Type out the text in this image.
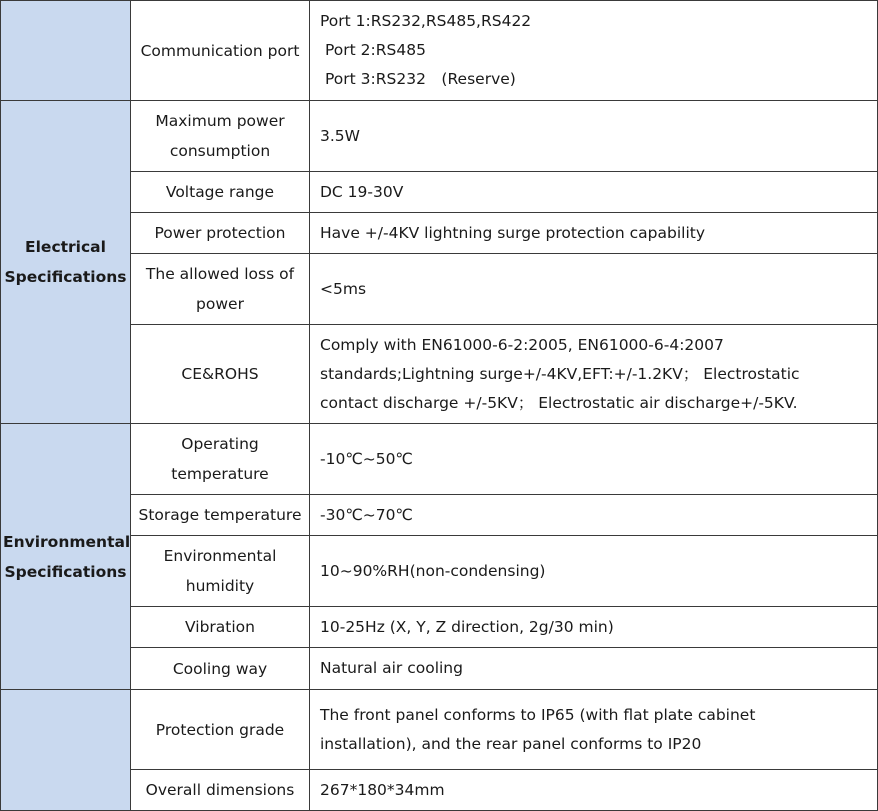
	Communication port	Port 1:RS232,RS485,RS422
Port 2:RS485
Port 3:RS232　(Reserve)

Electrical Specifications	Maximum power consumption	3.5W
	Voltage range	DC 19-30V
	Power protection	Have +/-4KV lightning surge protection capability
	The allowed loss of power	<5ms
	CE&ROHS	Comply with EN61000-6-2:2005, EN61000-6-4:2007
standards;Lightning surge+/-4KV,EFT:+/-1.2KV； Electrostatic
contact discharge +/-5KV； Electrostatic air discharge+/-5KV.

Environmental Specifications	Operating temperature	-10℃~50℃
	Storage temperature	-30℃~70℃
	Environmental humidity	10~90%RH(non-condensing)
	Vibration	10-25Hz (X, Y, Z direction, 2g/30 min)
	Cooling way	Natural air cooling
	Protection grade	The front panel conforms to IP65 (with flat plate cabinet
installation), and the rear panel conforms to IP20

	Overall dimensions	267*180*34mm
